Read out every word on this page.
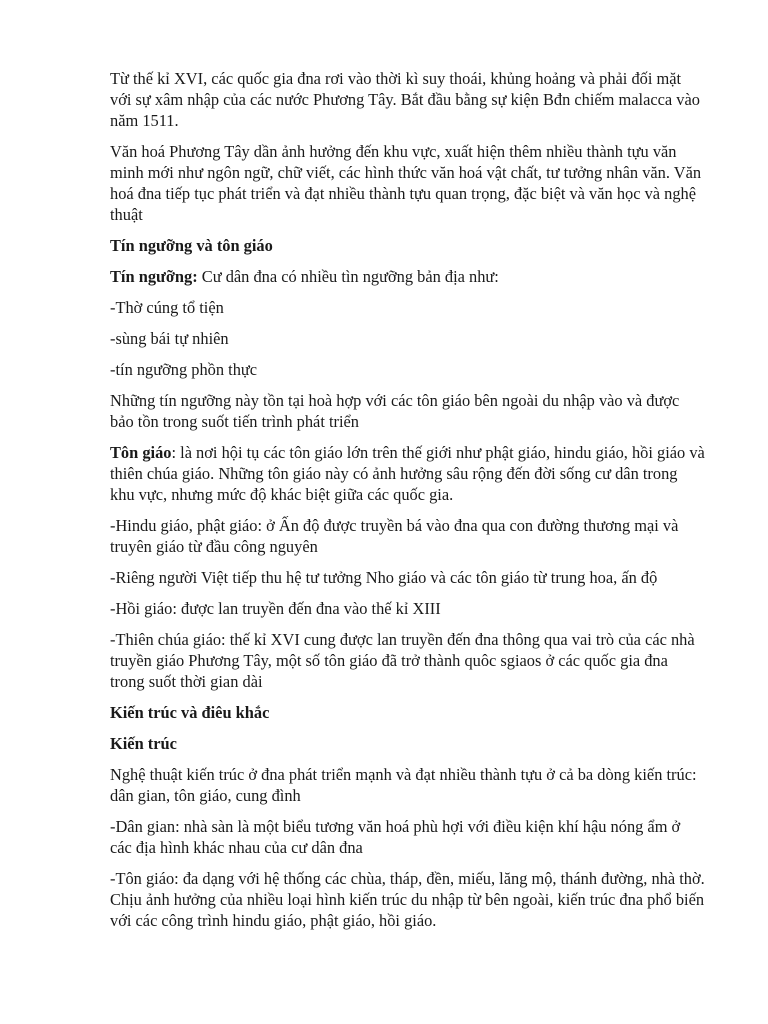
Từ thế kỉ XVI, các quốc gia đna rơi vào thời kì suy thoái, khủng hoảng và phải đối mặt với sự xâm nhập của các nước Phương Tây. Bắt đầu bằng sự kiện Bđn chiếm malacca vào năm 1511.

Văn hoá Phương Tây dần ảnh hưởng đến khu vực, xuất hiện thêm nhiều thành tựu văn minh mới như ngôn ngữ, chữ viết, các hình thức văn hoá vật chất, tư tưởng nhân văn. Văn hoá đna tiếp tục phát triển và đạt nhiều thành tựu quan trọng, đặc biệt và văn học và nghệ thuật

Tín ngưỡng và tôn giáo

Tín ngưỡng: Cư dân đna có nhiều tìn ngưỡng bản địa như:

-Thờ cúng tổ tiện

-sùng bái tự nhiên

-tín ngưỡng phồn thực

Những tín ngưỡng này tồn tại hoà hợp với các tôn giáo bên ngoài du nhập vào và được bảo tồn trong suốt tiến trình phát triển

Tôn giáo: là nơi hội tụ các tôn giáo lớn trên thế giới như phật giáo, hindu giáo, hồi giáo và thiên chúa giáo. Những tôn giáo này có ảnh hưởng sâu rộng đến đời sống cư dân trong khu vực, nhưng mức độ khác biệt giữa các quốc gia.

-Hindu giáo, phật giáo: ở Ấn độ được truyền bá vào đna qua con đường thương mại và truyên giáo từ đầu công nguyên

-Riêng người Việt tiếp thu hệ tư tưởng Nho giáo và các tôn giáo từ trung hoa, ấn độ

-Hồi giáo: được lan truyền đến đna vào thế kỉ XIII

-Thiên chúa giáo: thế kỉ XVI cung được lan truyền đến đna thông qua vai trò của các nhà truyền giáo Phương Tây, một số tôn giáo đã trở thành quôc sgiaos ở các quốc gia đna trong suốt thời gian dài

Kiến trúc và điêu khắc

Kiến trúc

Nghệ thuật kiến trúc ở đna phát triển mạnh và đạt nhiều thành tựu ở cả ba dòng kiến trúc: dân gian, tôn giáo, cung đình

-Dân gian: nhà sàn là một biểu tương văn hoá phù hợi với điều kiện khí hậu nóng ẩm ở các địa hình khác nhau của cư dân đna

-Tôn giáo: đa dạng với hệ thống các chùa, tháp, đền, miếu, lăng mộ, thánh đường, nhà thờ. Chịu ảnh hưởng của nhiều loại hình kiến trúc du nhập từ bên ngoài, kiến trúc đna phổ biến với các công trình hindu giáo, phật giáo, hồi giáo.
